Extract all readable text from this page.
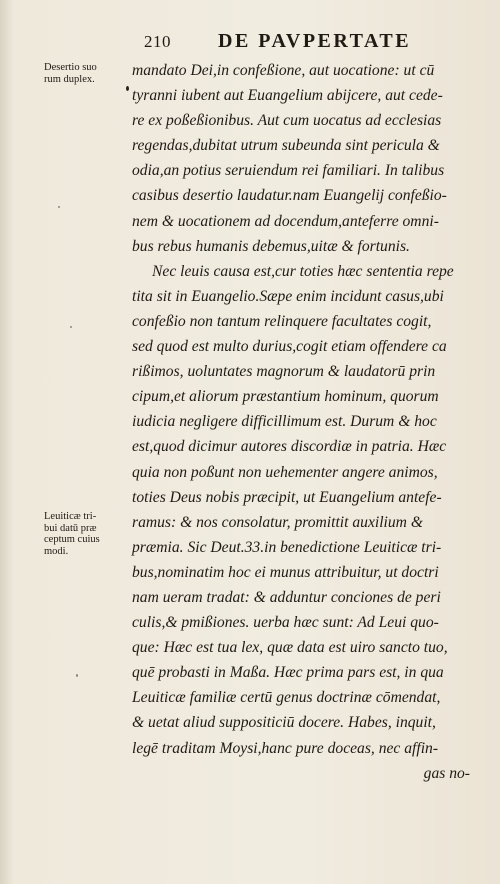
210 DE PAVPERTATE
Desertio suo
rum duplex.
Leuiticæ tri-
bui datū præ
ceptum cuius
modi.
mandato Dei,in confeßione, aut uocatione: ut cū
tyranni iubent aut Euangelium abijcere, aut cede-
re ex poßeßionibus. Aut cum uocatus ad ecclesias
regendas,dubitat utrum subeunda sint pericula &
odia,an potius seruiendum rei familiari. In talibus
casibus desertio laudatur.nam Euangelij confeßio-
nem & uocationem ad docendum,anteferre omni-
bus rebus humanis debemus,uitæ & fortunis.
Nec leuis causa est,cur toties hæc sententia repe
tita sit in Euangelio.Sæpe enim incidunt casus,ubi
confeßio non tantum relinquere facultates cogit,
sed quod est multo durius,cogit etiam offendere ca
rißimos, uoluntates magnorum & laudatorū prin
cipum,et aliorum præstantium hominum, quorum
iudicia negligere difficillimum est. Durum & hoc
est,quod dicimur autores discordiæ in patria. Hæc
quia non poßunt non uehementer angere animos,
toties Deus nobis præcipit, ut Euangelium antefe-
ramus: & nos consolatur, promittit auxilium &
præmia. Sic Deut.33.in benedictione Leuiticæ tri-
bus,nominatim hoc ei munus attribuitur, ut doctri
nam ueram tradat: & adduntur conciones de peri
culis,& pmißiones. uerba hæc sunt: Ad Leui quo-
que: Hæc est tua lex, quæ data est uiro sancto tuo,
quē probasti in Maßa. Hæc prima pars est, in qua
Leuiticæ familiæ certū genus doctrinæ cōmendat,
& uetat aliud suppositiciū docere. Habes, inquit,
legē traditam Moysi,hanc pure doceas, nec affin-
gas no-
